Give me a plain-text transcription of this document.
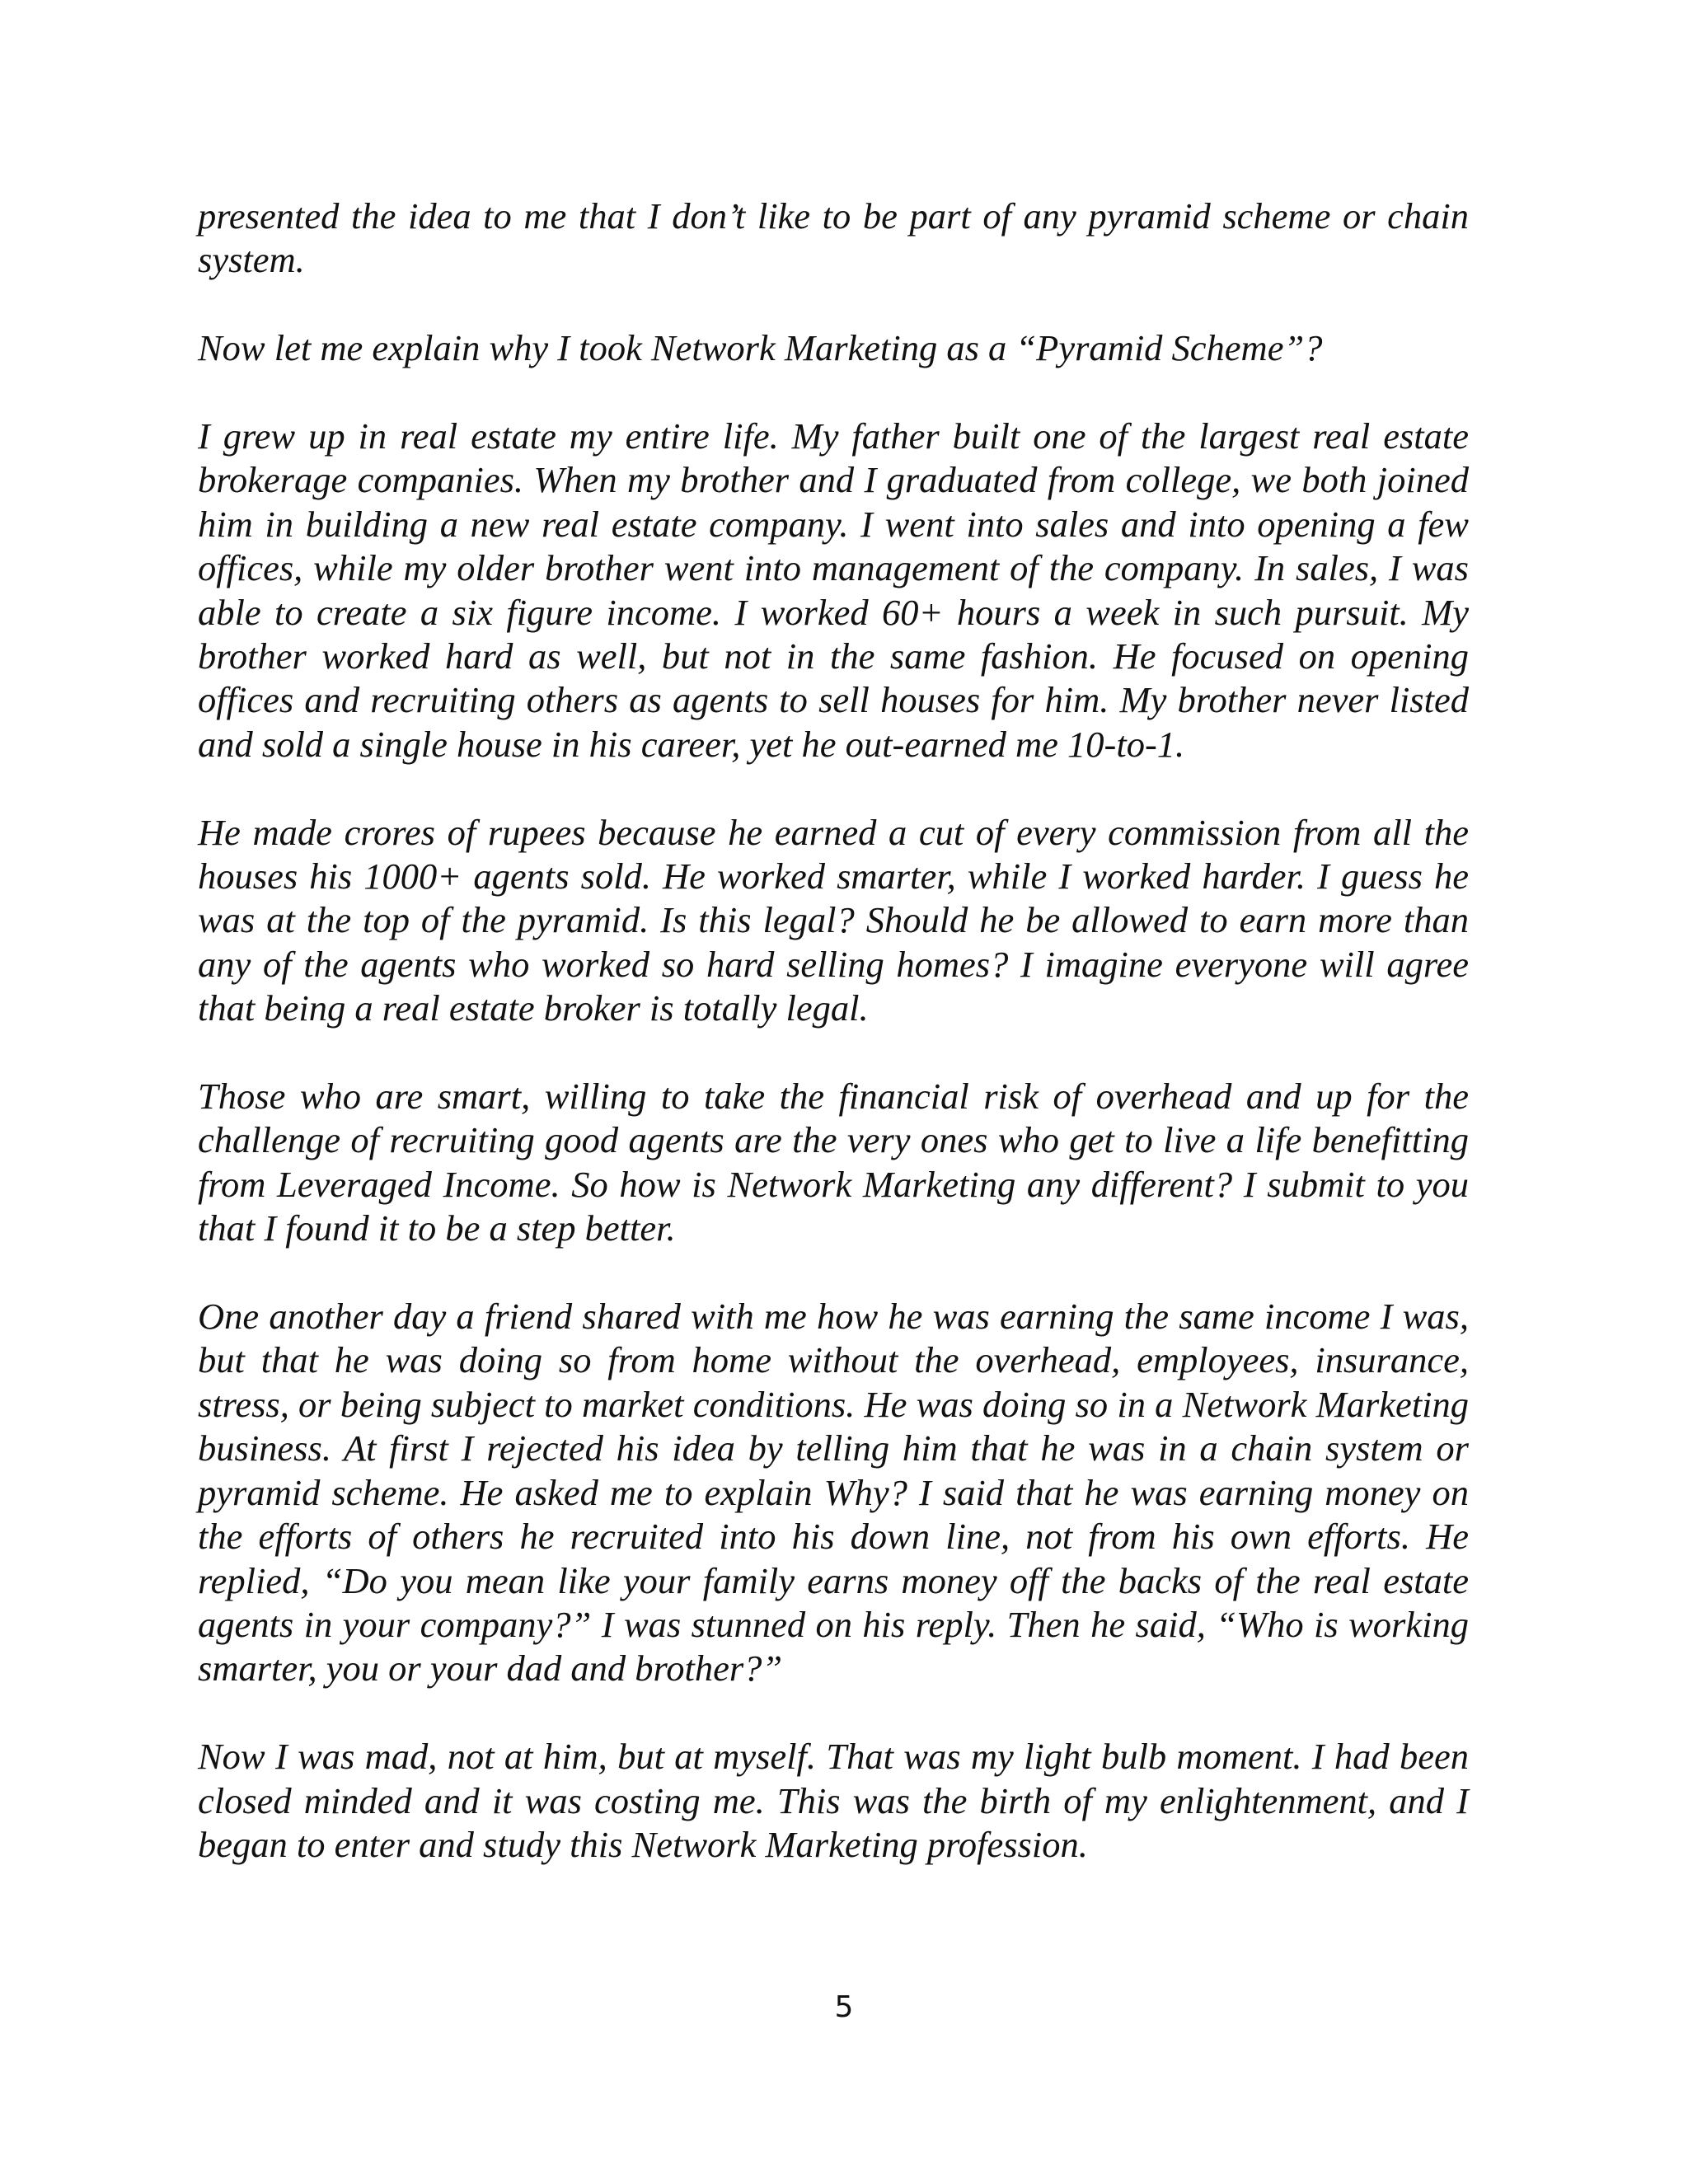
presented the idea to me that I don’t like to be part of any pyramid scheme or chain system.

Now let me explain why I took Network Marketing as a “Pyramid Scheme”?

I grew up in real estate my entire life. My father built one of the largest real estate brokerage companies. When my brother and I graduated from college, we both joined him in building a new real estate company. I went into sales and into opening a few offices, while my older brother went into management of the company. In sales, I was able to create a six figure income. I worked 60+ hours a week in such pursuit. My brother worked hard as well, but not in the same fashion. He focused on opening offices and recruiting others as agents to sell houses for him. My brother never listed and sold a single house in his career, yet he out-earned me 10-to-1.

He made crores of rupees because he earned a cut of every commission from all the houses his 1000+ agents sold. He worked smarter, while I worked harder. I guess he was at the top of the pyramid. Is this legal? Should he be allowed to earn more than any of the agents who worked so hard selling homes? I imagine everyone will agree that being a real estate broker is totally legal.

Those who are smart, willing to take the financial risk of overhead and up for the challenge of recruiting good agents are the very ones who get to live a life benefitting from Leveraged Income. So how is Network Marketing any different? I submit to you that I found it to be a step better.

One another day a friend shared with me how he was earning the same income I was, but that he was doing so from home without the overhead, employees, insurance, stress, or being subject to market conditions. He was doing so in a Network Marketing business. At first I rejected his idea by telling him that he was in a chain system or pyramid scheme. He asked me to explain Why? I said that he was earning money on the efforts of others he recruited into his down line, not from his own efforts. He replied, “Do you mean like your family earns money off the backs of the real estate agents in your company?” I was stunned on his reply. Then he said, “Who is working smarter, you or your dad and brother?”

Now I was mad, not at him, but at myself. That was my light bulb moment. I had been closed minded and it was costing me. This was the birth of my enlightenment, and I began to enter and study this Network Marketing profession.

5
